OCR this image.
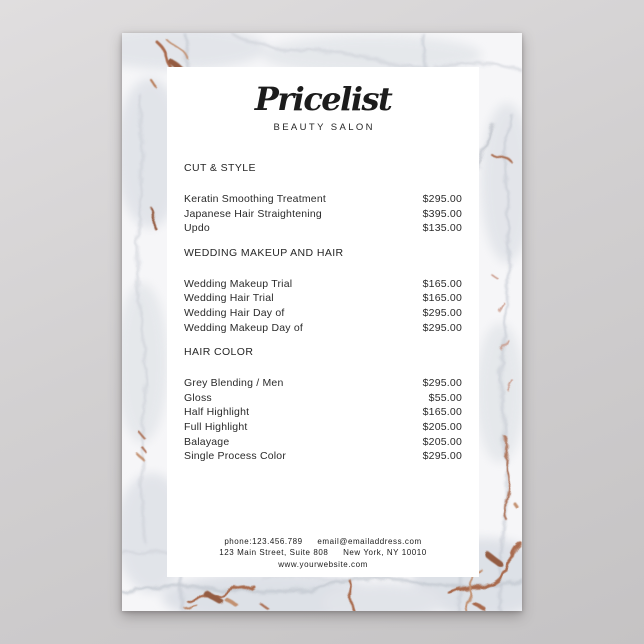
Pricelist
BEAUTY SALON
CUT & STYLE
Keratin Smoothing Treatment	$295.00
Japanese Hair Straightening	$395.00
Updo	$135.00
WEDDING MAKEUP AND HAIR
Wedding Makeup Trial	$165.00
Wedding Hair Trial	$165.00
Wedding Hair Day of	$295.00
Wedding Makeup Day of	$295.00
HAIR COLOR
Grey Blending / Men	$295.00
Gloss	$55.00
Half Highlight	$165.00
Full Highlight	$205.00
Balayage	$205.00
Single Process Color	$295.00
phone:123.456.789 email@emailaddress.com
123 Main Street, Suite 808 New York, NY 10010
www.yourwebsite.com
